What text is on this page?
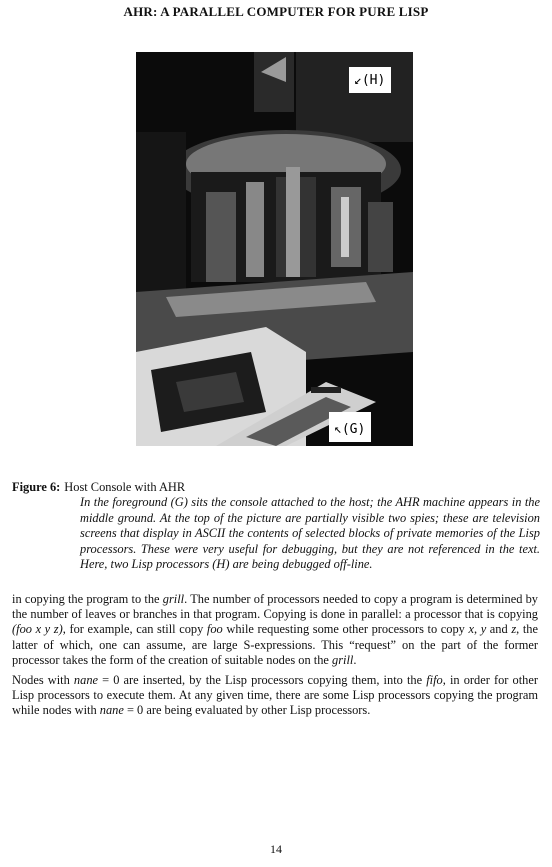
AHR: A PARALLEL COMPUTER FOR PURE LISP
↙(H)
↖(G)
Figure 6: Host Console with AHR
In the foreground (G) sits the console attached to the host; the AHR machine appears in the middle ground. At the top of the picture are partially visible two spies; these are television screens that display in ASCII the contents of selected blocks of private memories of the Lisp processors. These were very useful for debugging, but they are not referenced in the text. Here, two Lisp processors (H) are being debugged off-line.

in copying the program to the grill. The number of processors needed to copy a program is determined by the number of leaves or branches in that program. Copying is done in parallel: a processor that is copying (foo x y z), for example, can still copy foo while requesting some other processors to copy x, y and z, the latter of which, one can assume, are large S-expressions. This “request” on the part of the former processor takes the form of the creation of suitable nodes on the grill.

Nodes with nane = 0 are inserted, by the Lisp processors copying them, into the fifo, in order for other Lisp processors to execute them. At any given time, there are some Lisp processors copying the program while nodes with nane = 0 are being evaluated by other Lisp processors.

14
